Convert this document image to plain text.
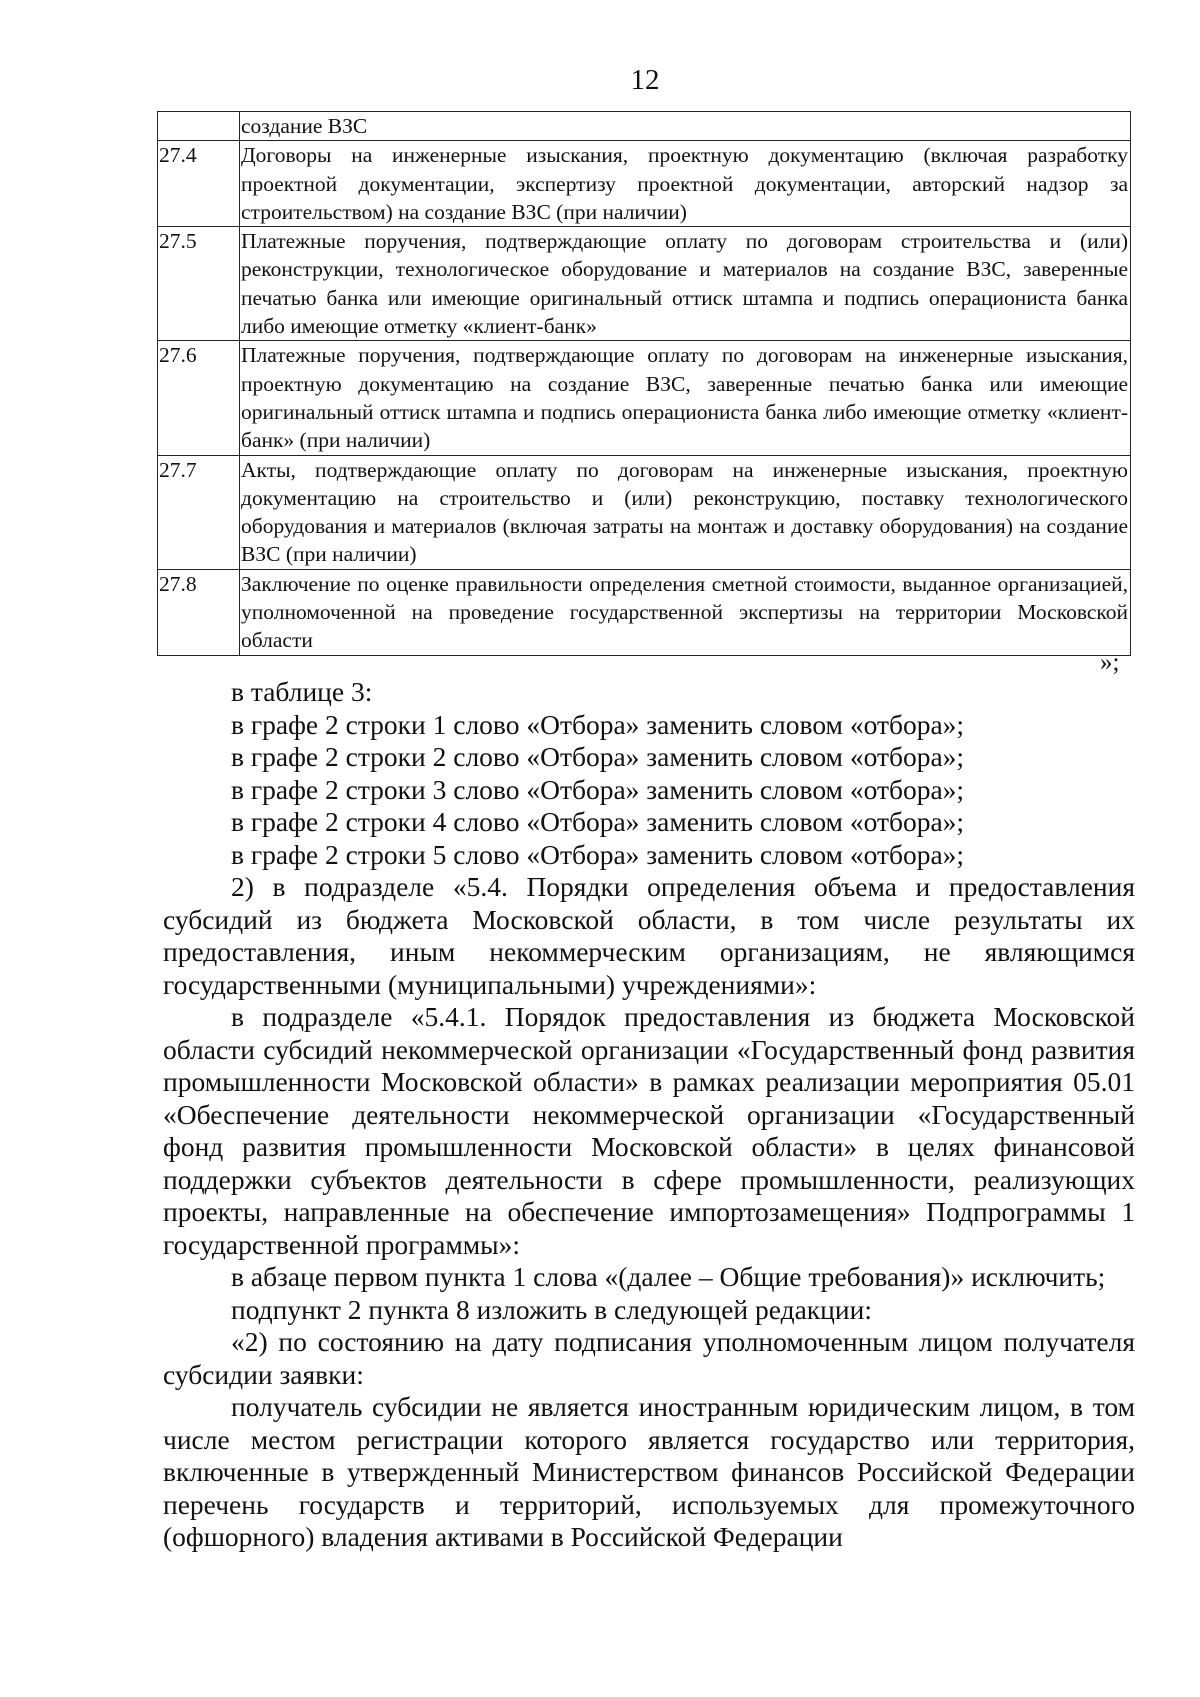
12
	создание ВЗС
27.4	Договоры на инженерные изыскания, проектную документацию (включая разработку проектной документации, экспертизу проектной документации, авторский надзор за строительством) на создание ВЗС (при наличии)
27.5	Платежные поручения, подтверждающие оплату по договорам строительства и (или) реконструкции, технологическое оборудование и материалов на создание ВЗС, заверенные печатью банка или имеющие оригинальный оттиск штампа и подпись операциониста банка либо имеющие отметку «клиент-банк»
27.6	Платежные поручения, подтверждающие оплату по договорам на инженерные изыскания, проектную документацию на создание ВЗС, заверенные печатью банка или имеющие оригинальный оттиск штампа и подпись операциониста банка либо имеющие отметку «клиент-банк» (при наличии)
27.7	Акты, подтверждающие оплату по договорам на инженерные изыскания, проектную документацию на строительство и (или) реконструкцию, поставку технологического оборудования и материалов (включая затраты на монтаж и доставку оборудования) на создание ВЗС (при наличии)
27.8	Заключение по оценке правильности определения сметной стоимости, выданное организацией, уполномоченной на проведение государственной экспертизы на территории Московской области
»;

в таблице 3:

в графе 2 строки 1 слово «Отбора» заменить словом «отбора»;

в графе 2 строки 2 слово «Отбора» заменить словом «отбора»;

в графе 2 строки 3 слово «Отбора» заменить словом «отбора»;

в графе 2 строки 4 слово «Отбора» заменить словом «отбора»;

в графе 2 строки 5 слово «Отбора» заменить словом «отбора»;

2) в подразделе «5.4. Порядки определения объема и предоставления субсидий из бюджета Московской области, в том числе результаты их предоставления, иным некоммерческим организациям, не являющимся государственными (муниципальными) учреждениями»:

в подразделе «5.4.1. Порядок предоставления из бюджета Московской области субсидий некоммерческой организации «Государственный фонд развития промышленности Московской области» в рамках реализации мероприятия 05.01 «Обеспечение деятельности некоммерческой организации «Государственный фонд развития промышленности Московской области» в целях финансовой поддержки субъектов деятельности в сфере промышленности, реализующих проекты, направленные на обеспечение импортозамещения» Подпрограммы 1 государственной программы»:

в абзаце первом пункта 1 слова «(далее – Общие требования)» исключить;

подпункт 2 пункта 8 изложить в следующей редакции:

«2) по состоянию на дату подписания уполномоченным лицом получателя субсидии заявки:

получатель субсидии не является иностранным юридическим лицом, в том числе местом регистрации которого является государство или территория, включенные в утвержденный Министерством финансов Российской Федерации перечень государств и территорий, используемых для промежуточного (офшорного) владения активами в Российской Федерации
